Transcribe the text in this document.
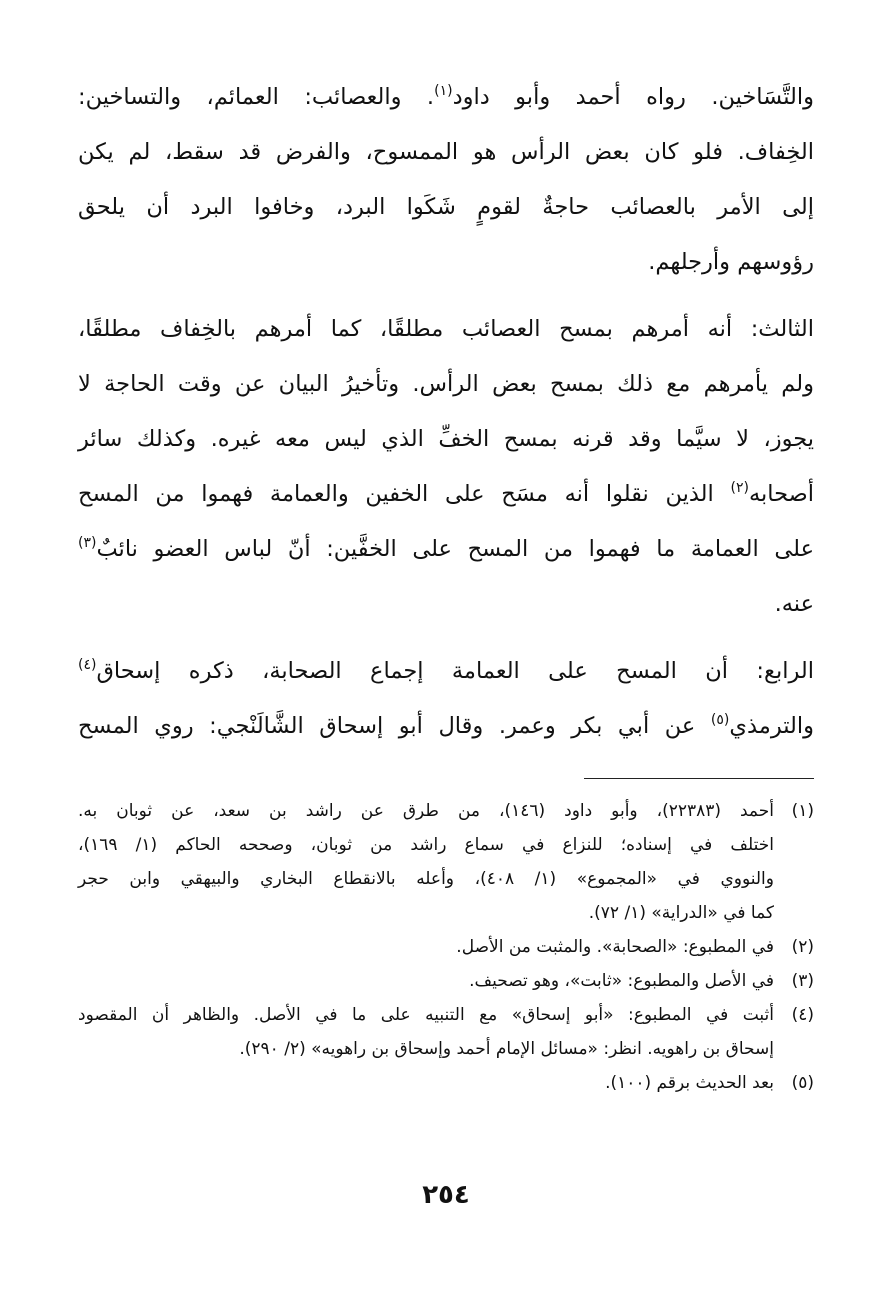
والتَّسَاخين. رواه أحمد وأبو داود$^{(١)}$. والعصائب: العمائم، والتساخين:
الخِفاف. فلو كان بعض الرأس هو الممسوح، والفرض قد سقط، لم يكن
إلى الأمر بالعصائب حاجةٌ لقومٍ شَكَوا البرد، وخافوا البرد أن يلحق
رؤوسهم وأرجلهم.

الثالث: أنه أمرهم بمسح العصائب مطلقًا، كما أمرهم بالخِفاف مطلقًا،
ولم يأمرهم مع ذلك بمسح بعض الرأس. وتأخيرُ البيان عن وقت الحاجة لا
يجوز، لا سيَّما وقد قرنه بمسح الخفِّ الذي ليس معه غيره. وكذلك سائر
أصحابه$^{(٢)}$ الذين نقلوا أنه مسَح على الخفين والعمامة فهموا من المسح
على العمامة ما فهموا من المسح على الخفَّين: أنّ لباس العضو نائبٌ$^{(٣)}$
عنه.

الرابع: أن المسح على العمامة إجماع الصحابة، ذكره إسحاق$^{(٤)}$
والترمذي$^{(٥)}$ عن أبي بكر وعمر. وقال أبو إسحاق الشَّالَنْجي: روي المسح

(١)
أحمد (٢٢٣٨٣)، وأبو داود (١٤٦)، من طرق عن راشد بن سعد، عن ثوبان به.
اختلف في إسناده؛ للنزاع في سماع راشد من ثوبان، وصححه الحاكم (١/ ١٦٩)،
والنووي في «المجموع» (١/ ٤٠٨)، وأعله بالانقطاع البخاري والبيهقي وابن حجر
كما في «الدراية» (١/ ٧٢).
(٢)
في المطبوع: «الصحابة». والمثبت من الأصل.
(٣)
في الأصل والمطبوع: «ثابت»، وهو تصحيف.
(٤)
أثبت في المطبوع: «أبو إسحاق» مع التنبيه على ما في الأصل. والظاهر أن المقصود
إسحاق بن راهويه. انظر: «مسائل الإمام أحمد وإسحاق بن راهويه» (٢/ ٢٩٠).
(٥)
بعد الحديث برقم (١٠٠).
٢٥٤
